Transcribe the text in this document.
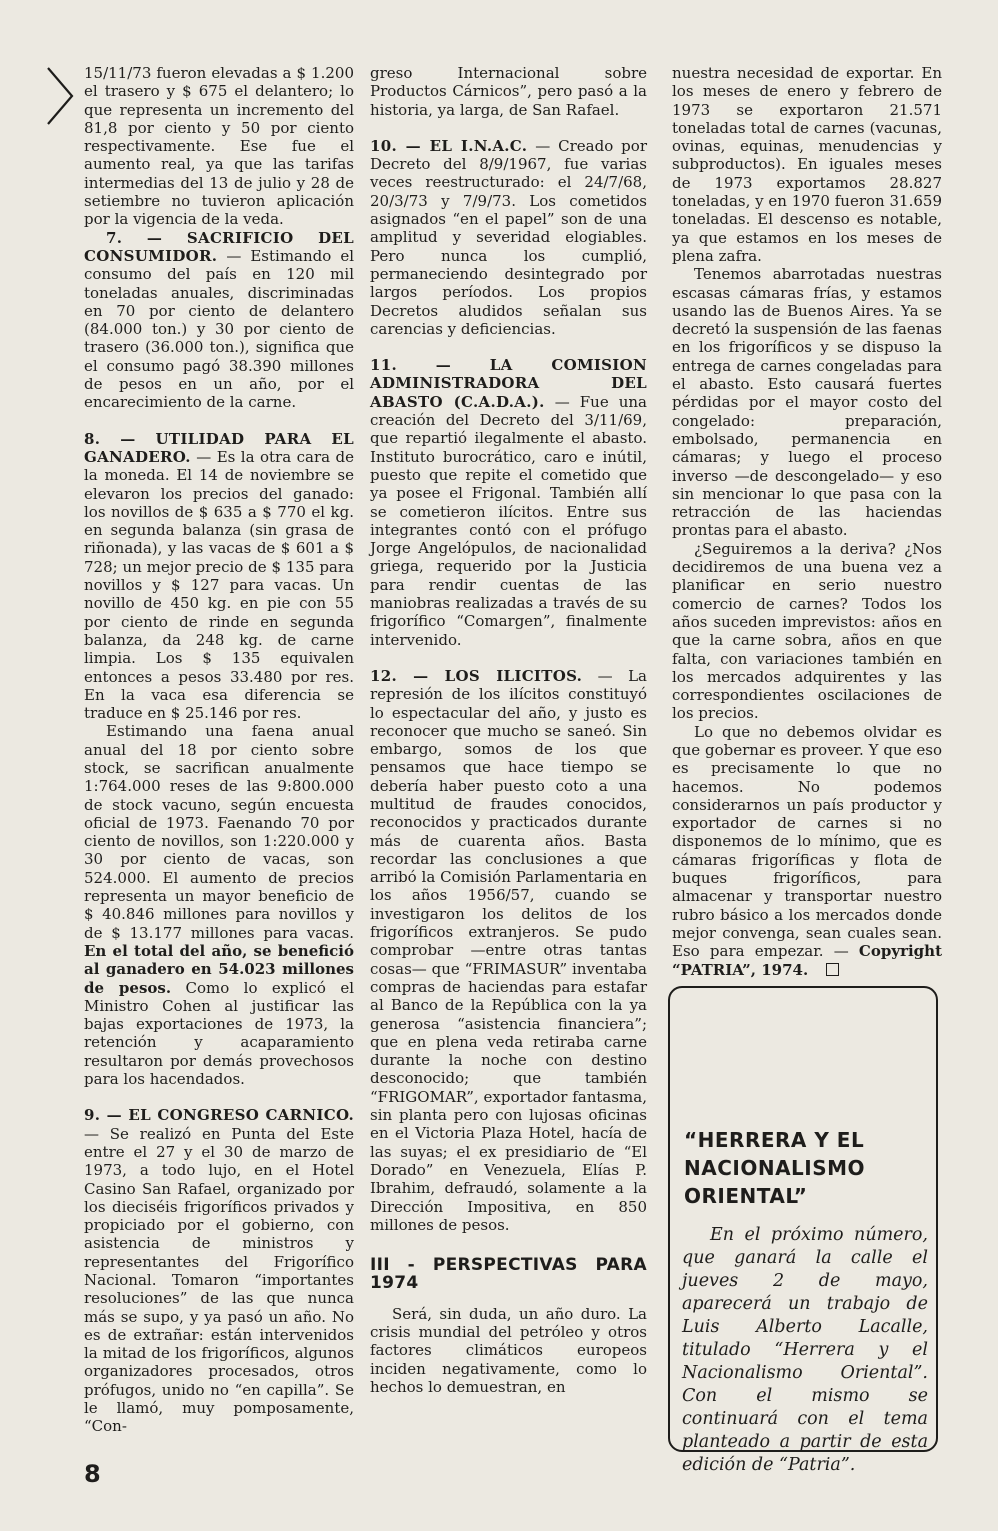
15/11/73 fueron elevadas a $ 1.200 el trasero y $ 675 el delantero; lo que representa un incremento del 81,8 por ciento y 50 por ciento respectivamente. Ese fue el aumento real, ya que las tarifas intermedias del 13 de julio y 28 de setiembre no tuvieron aplicación por la vigencia de la veda.

7. — SACRIFICIO DEL CONSUMIDOR. — Estimando el consumo del país en 120 mil toneladas anuales, discriminadas en 70 por ciento de delantero (84.000 ton.) y 30 por ciento de trasero (36.000 ton.), significa que el consumo pagó 38.390 millones de pesos en un año, por el encarecimiento de la carne.

8. — UTILIDAD PARA EL GANADERO. — Es la otra cara de la moneda. El 14 de noviembre se elevaron los precios del ganado: los novillos de $ 635 a $ 770 el kg. en segunda balanza (sin grasa de riñonada), y las vacas de $ 601 a $ 728; un mejor precio de $ 135 para novillos y $ 127 para vacas. Un novillo de 450 kg. en pie con 55 por ciento de rinde en segunda balanza, da 248 kg. de carne limpia. Los $ 135 equivalen entonces a pesos 33.480 por res. En la vaca esa diferencia se traduce en $ 25.146 por res.

Estimando una faena anual anual del 18 por ciento sobre stock, se sacrifican anualmente 1:764.000 reses de las 9:800.000 de stock vacuno, según encuesta oficial de 1973. Faenando 70 por ciento de novillos, son 1:220.000 y 30 por ciento de vacas, son 524.000. El aumento de precios representa un mayor beneficio de $ 40.846 millones para novillos y de $ 13.177 millones para vacas. En el total del año, se benefició al ganadero en 54.023 millones de pesos. Como lo explicó el Ministro Cohen al justificar las bajas exportaciones de 1973, la retención y acaparamiento resultaron por demás provechosos para los hacendados.

9. — EL CONGRESO CARNICO. — Se realizó en Punta del Este entre el 27 y el 30 de marzo de 1973, a todo lujo, en el Hotel Casino San Rafael, organizado por los dieciséis frigoríficos privados y propiciado por el gobierno, con asistencia de ministros y representantes del Frigorífico Nacional. Tomaron “importantes resoluciones” de las que nunca más se supo, y ya pasó un año. No es de extrañar: están intervenidos la mitad de los frigoríficos, algunos organizadores procesados, otros prófugos, unido no “en capilla”. Se le llamó, muy pomposamente, “Con-

greso Internacional sobre Productos Cárnicos”, pero pasó a la historia, ya larga, de San Rafael.

10. — EL I.N.A.C. — Creado por Decreto del 8/9/1967, fue varias veces reestructurado: el 24/7/68, 20/3/73 y 7/9/73. Los cometidos asignados “en el papel” son de una amplitud y severidad elogiables. Pero nunca los cumplió, permaneciendo desintegrado por largos períodos. Los propios Decretos aludidos señalan sus carencias y deficiencias.

11. — LA COMISION ADMINISTRADORA DEL ABASTO (C.A.D.A.). — Fue una creación del Decreto del 3/11/69, que repartió ilegalmente el abasto. Instituto burocrático, caro e inútil, puesto que repite el cometido que ya posee el Frigonal. También allí se cometieron ilícitos. Entre sus integrantes contó con el prófugo Jorge Angelópulos, de nacionalidad griega, requerido por la Justicia para rendir cuentas de las maniobras realizadas a través de su frigorífico “Comargen”, finalmente intervenido.

12. — LOS ILICITOS. — La represión de los ilícitos constituyó lo espectacular del año, y justo es reconocer que mucho se saneó. Sin embargo, somos de los que pensamos que hace tiempo se debería haber puesto coto a una multitud de fraudes conocidos, reconocidos y practicados durante más de cuarenta años. Basta recordar las conclusiones a que arribó la Comisión Parlamentaria en los años 1956/57, cuando se investigaron los delitos de los frigoríficos extranjeros. Se pudo comprobar —entre otras tantas cosas— que “FRIMASUR” inventaba compras de haciendas para estafar al Banco de la República con la ya generosa “asistencia financiera”; que en plena veda retiraba carne durante la noche con destino desconocido; que también “FRIGOMAR”, exportador fantasma, sin planta pero con lujosas oficinas en el Victoria Plaza Hotel, hacía de las suyas; el ex presidiario de “El Dorado” en Venezuela, Elías P. Ibrahim, defraudó, solamente a la Dirección Impositiva, en 850 millones de pesos.

III - PERSPECTIVAS PARA 1974

Será, sin duda, un año duro. La crisis mundial del petróleo y otros factores climáticos europeos inciden negativamente, como lo hechos lo demuestran, en

nuestra necesidad de exportar. En los meses de enero y febrero de 1973 se exportaron 21.571 toneladas total de carnes (vacunas, ovinas, equinas, menudencias y subproductos). En iguales meses de 1973 exportamos 28.827 toneladas, y en 1970 fueron 31.659 toneladas. El descenso es notable, ya que estamos en los meses de plena zafra.

Tenemos abarrotadas nuestras escasas cámaras frías, y estamos usando las de Buenos Aires. Ya se decretó la suspensión de las faenas en los frigoríficos y se dispuso la entrega de carnes congeladas para el abasto. Esto causará fuertes pérdidas por el mayor costo del congelado: preparación, embolsado, permanencia en cámaras; y luego el proceso inverso —de descongelado— y eso sin mencionar lo que pasa con la retracción de las haciendas prontas para el abasto.

¿Seguiremos a la deriva? ¿Nos decidiremos de una buena vez a planificar en serio nuestro comercio de carnes? Todos los años suceden imprevistos: años en que la carne sobra, años en que falta, con variaciones también en los mercados adquirentes y las correspondientes oscilaciones de los precios.

Lo que no debemos olvidar es que gobernar es proveer. Y que eso es precisamente lo que no hacemos. No podemos considerarnos un país productor y exportador de carnes si no disponemos de lo mínimo, que es cámaras frigoríficas y flota de buques frigoríficos, para almacenar y transportar nuestro rubro básico a los mercados donde mejor convenga, sean cuales sean. Eso para empezar. — Copyright “PATRIA”, 1974.

“HERRERA Y EL NACIONALISMO ORIENTAL”
En el próximo número, que ganará la calle el jueves 2 de mayo, aparecerá un trabajo de Luis Alberto Lacalle, titulado “Herrera y el Nacionalismo Oriental”. Con el mismo se continuará con el tema planteado a partir de esta edición de “Patria”.
8
